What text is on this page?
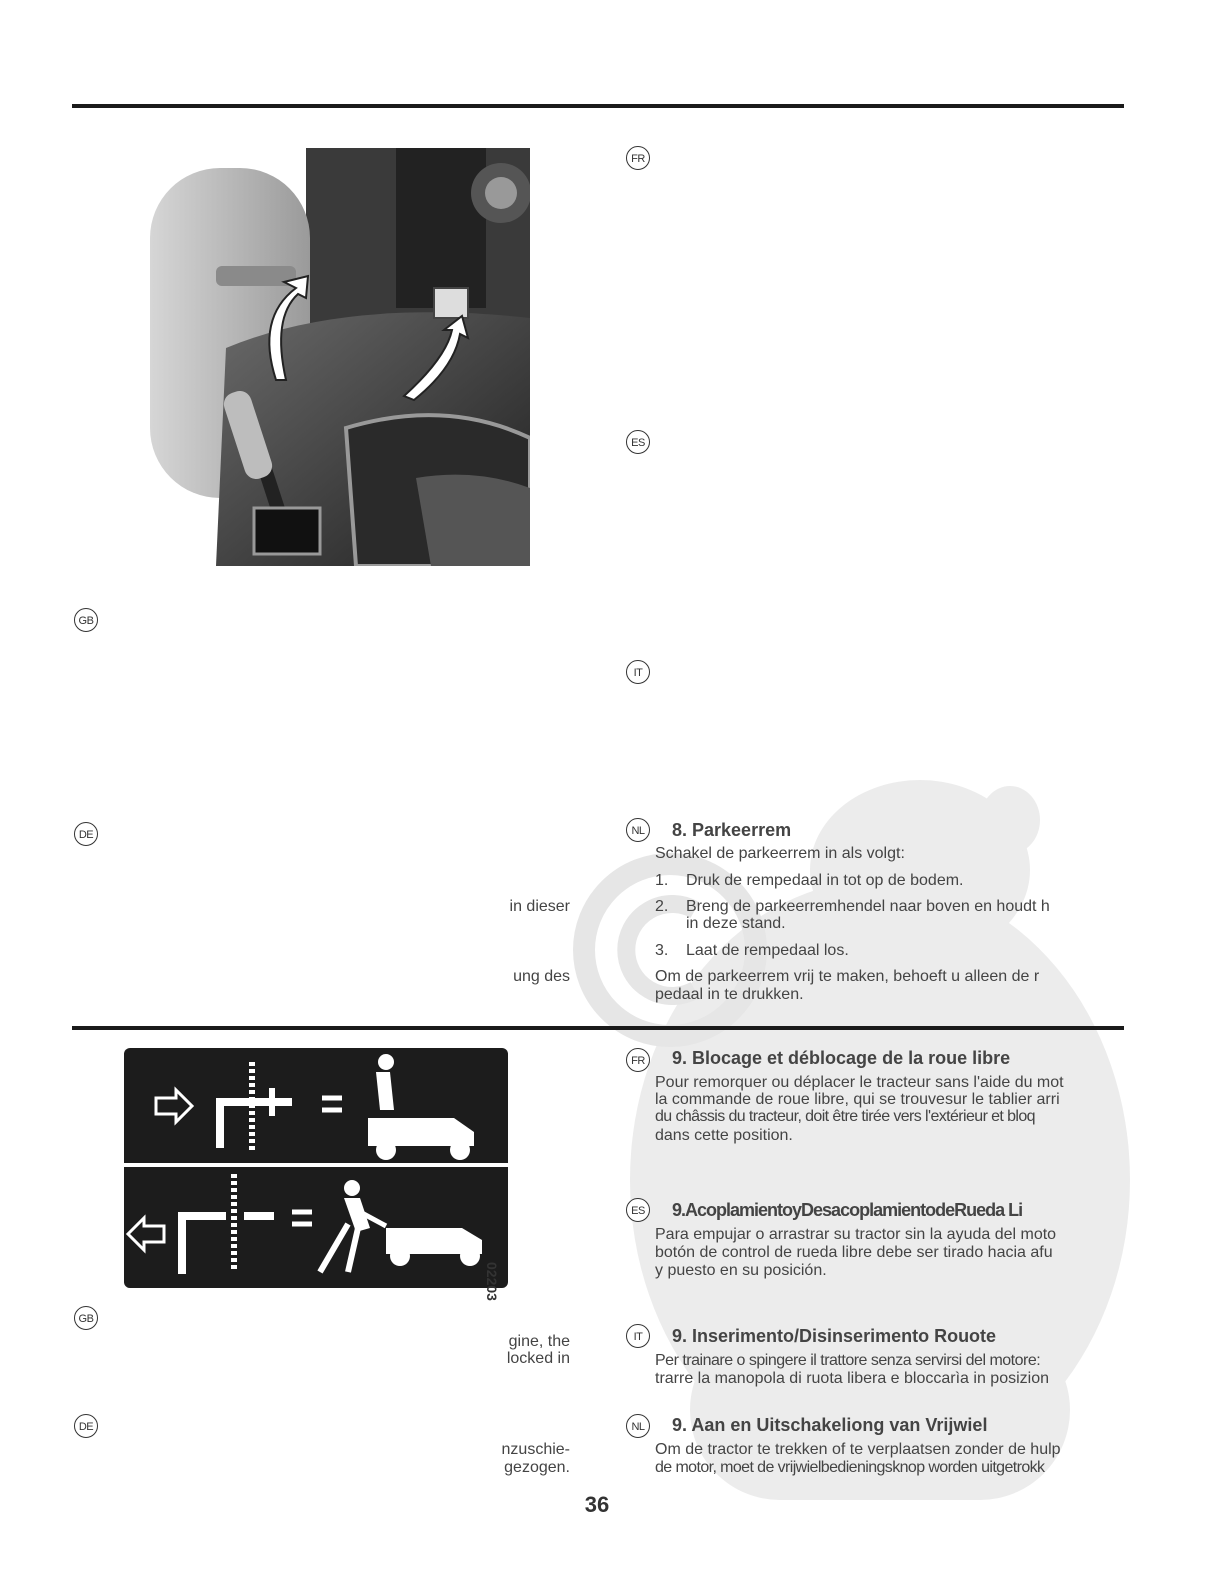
02203
FR
ES
IT
NL
GB
DE	8. Parkeerrem
Schakel de parkeerrem in als volgt:
1. Druk de rempedaal in tot op de bodem.
2. Breng de parkeerremhendel naar boven en houdt h
in deze stand.
3. Laat de rempedaal los.
Om de parkeerrem vrij te maken, behoeft u alleen de r
pedaal in te drukken.
in dieser
ung des
FR
ES
IT
NL
GB
DE
9. Blocage et déblocage de la roue libre
Pour remorquer ou déplacer le tracteur sans l'aide du mot
la commande de roue libre, qui se trouvesur le tablier arri
du châssis du tracteur, doit être tirée vers l'extérieur et bloq
dans cette position.
9.AcoplamientoyDesacoplamientodeRueda Li
Para empujar o arrastrar su tractor sin la ayuda del moto
botón de control de rueda libre debe ser tirado hacia afu
y puesto en su posición.
9. Inserimento/Disinserimento Rouote
Per trainare o spingere il trattore senza servirsi del motore:
trarre la manopola di ruota libera e bloccarìa in posizion
9. Aan en Uitschakeliong van Vrijwiel
Om de tractor te trekken of te verplaatsen zonder de hulp
de motor, moet de vrijwielbedieningsknop worden uitgetrokk
gine, the
locked in
nzuschie-
gezogen.
36
